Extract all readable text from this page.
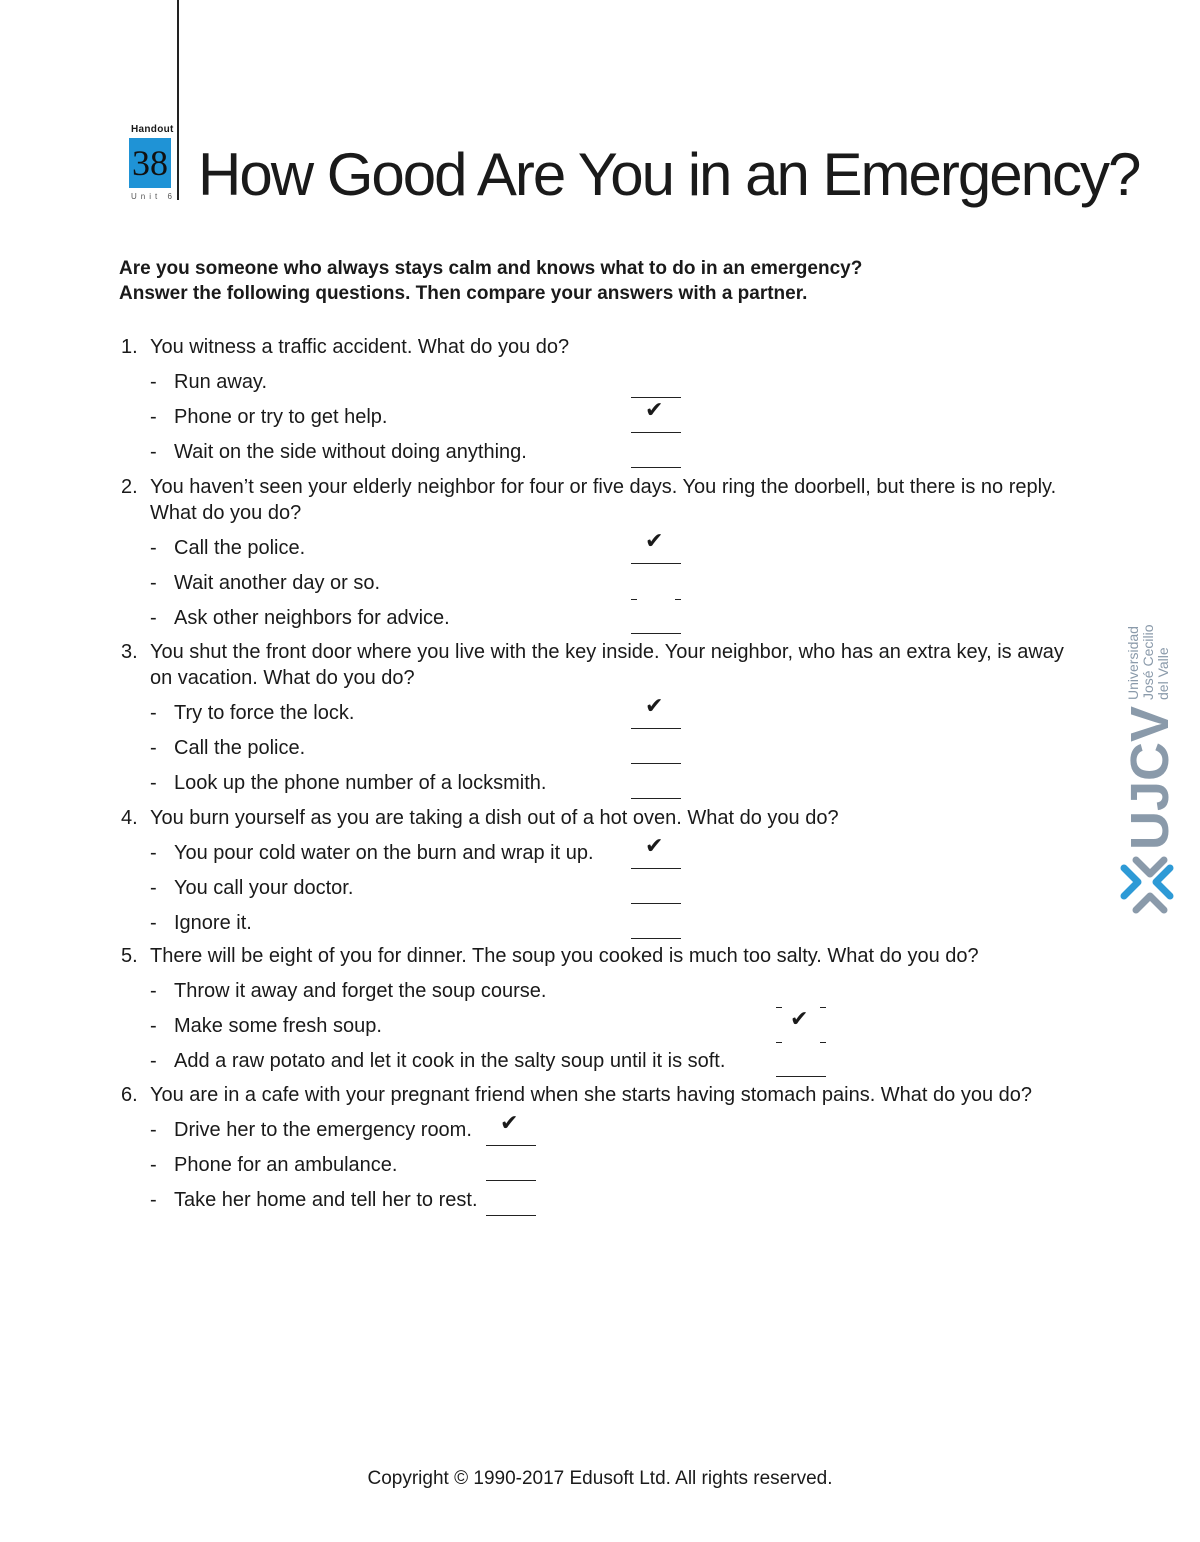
Handout
38
Unit 6 How Good Are You in an Emergency?
Are you someone who always stays calm and knows what to do in an emergency?
Answer the following questions. Then compare your answers with a partner.
1. You witness a traffic accident. What do you do?
- Run away.
- Phone or try to get help.	✔
- Wait on the side without doing anything.
2. You haven’t seen your elderly neighbor for four or five days. You ring the doorbell, but there is no reply. What do you do?
- Call the police.	✔
- Wait another day or so.
- Ask other neighbors for advice.
3. You shut the front door where you live with the key inside. Your neighbor, who has an extra key, is away on vacation. What do you do?
- Try to force the lock.	✔
- Call the police.
- Look up the phone number of a locksmith.
4. You burn yourself as you are taking a dish out of a hot oven. What do you do?
- You pour cold water on the burn and wrap it up. ✔
- You call your doctor.
- Ignore it.
5. There will be eight of you for dinner. The soup you cooked is much too salty. What do you do?
- Throw it away and forget the soup course.
- Make some fresh soup.	✔
- Add a raw potato and let it cook in the salty soup until it is soft.
6. You are in a cafe with your pregnant friend when she starts having stomach pains. What do you do?
- Drive her to the emergency room. ✔
- Phone for an ambulance.
- Take her home and tell her to rest.
Universidad José Cecilio del Valle
UJCV
Copyright © 1990-2017 Edusoft Ltd. All rights reserved.
